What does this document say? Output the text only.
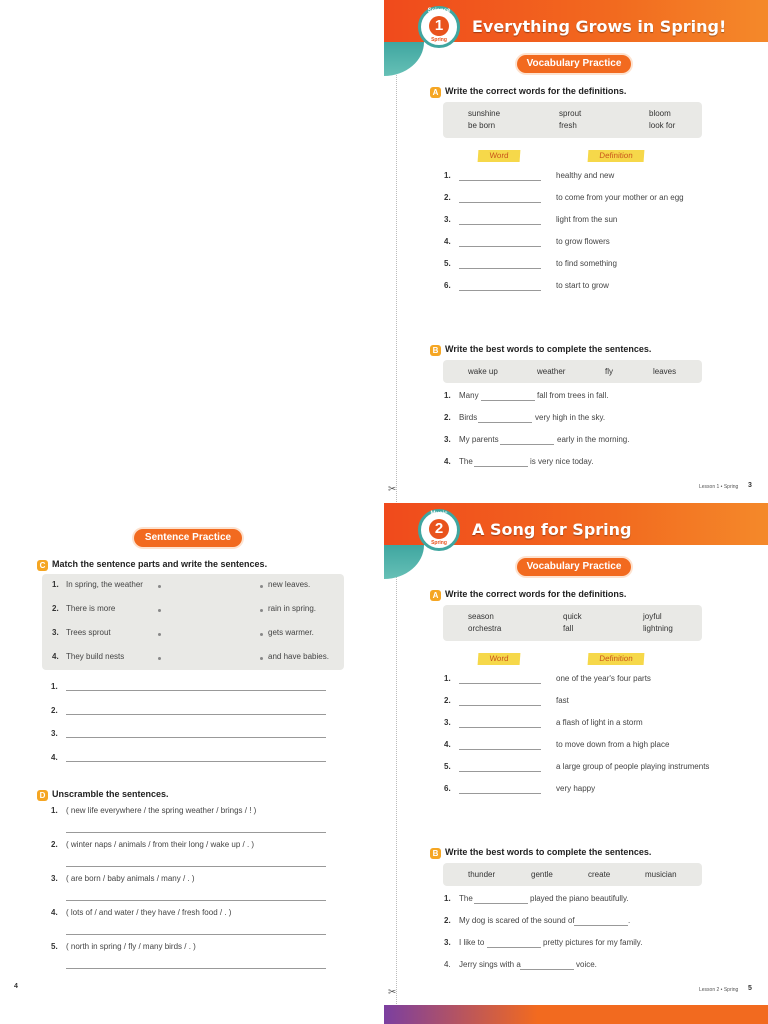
Science
1
Spring
Everything Grows in Spring!
Vocabulary Practice
A Write the correct words for the definitions.
sunshine	sprout	bloom
be born	fresh	look for
Word	Definition
1.	healthy and new
2.	to come from your mother or an egg
3.	light from the sun
4.	to grow flowers
5.	to find something
6.	to start to grow
B Write the best words to complete the sentences.
wake up	weather	fly	leaves
1. Many	fall from trees in fall.
2. Birds	very high in the sky.
3. My parents	early in the morning.
4. The	is very nice today.
Lesson 1 • Spring 3
✂
Sentence Practice
C Match the sentence parts and write the sentences.
1. In spring, the weather	new leaves.
2. There is more	rain in spring.
3. Trees sprout	gets warmer.
4. They build nests	and have babies.
1.
2.
3.
4.
D Unscramble the sentences.
1. ( new life everywhere / the spring weather / brings / ! )
2. ( winter naps / animals / from their long / wake up / . )
3. ( are born / baby animals / many / . )
4. ( lots of / and water / they have / fresh food / . )
5. ( north in spring / fly / many birds / . )
4
Music
2
Spring
A Song for Spring
Vocabulary Practice
A Write the correct words for the definitions.
season	quick	joyful
orchestra	fall	lightning
Word	Definition
1.	one of the year's four parts
2.	fast
3.	a flash of light in a storm
4.	to move down from a high place
5.	a large group of people playing instruments
6.	very happy
B Write the best words to complete the sentences.
thunder	gentle	create	musician
1. The	played the piano beautifully.
2. My dog is scared of the sound of	.
3. I like to	pretty pictures for my family.
4. Jerry sings with a	voice.
Lesson 2 • Spring 5
✂
